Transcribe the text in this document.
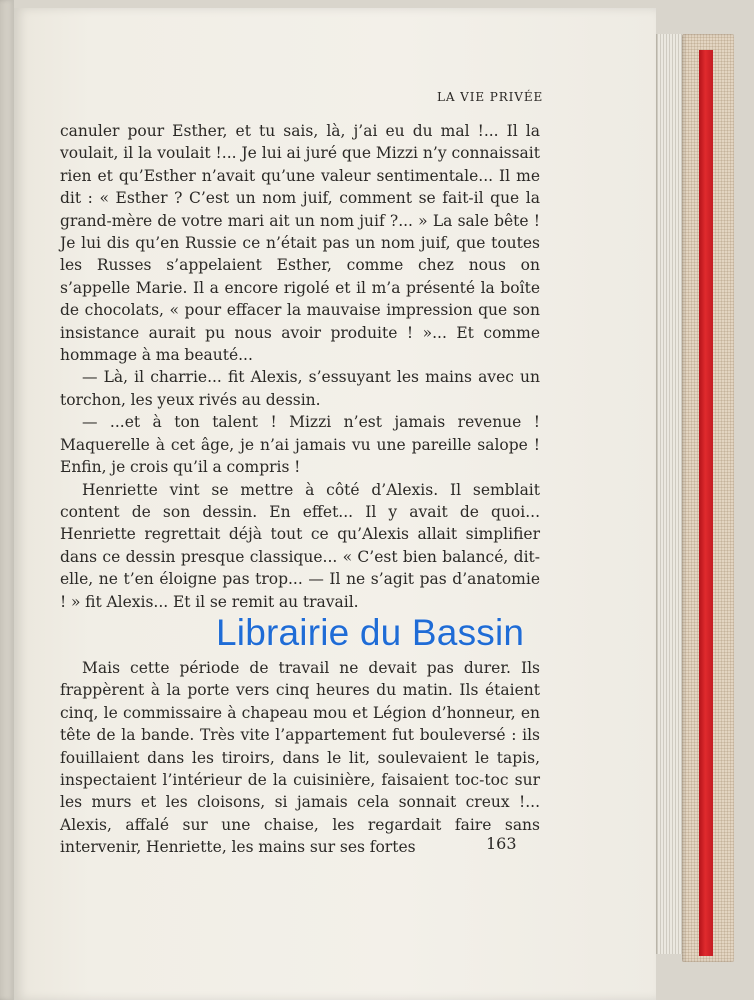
LA VIE PRIVÉE

canuler pour Esther, et tu sais, là, j’ai eu du mal !... Il la voulait, il la voulait !... Je lui ai juré que Mizzi n’y connaissait rien et qu’Esther n’avait qu’une valeur sentimentale... Il me dit : « Esther ? C’est un nom juif, comment se fait-il que la grand-mère de votre mari ait un nom juif ?... » La sale bête ! Je lui dis qu’en Russie ce n’était pas un nom juif, que toutes les Russes s’appelaient Esther, comme chez nous on s’appelle Marie. Il a encore rigolé et il m’a présenté la boîte de chocolats, « pour effacer la mauvaise impression que son insistance aurait pu nous avoir produite ! »... Et comme hommage à ma beauté...

— Là, il charrie... fit Alexis, s’essuyant les mains avec un torchon, les yeux rivés au dessin.

— ...et à ton talent ! Mizzi n’est jamais revenue ! Maquerelle à cet âge, je n’ai jamais vu une pareille salope ! Enfin, je crois qu’il a compris !

Henriette vint se mettre à côté d’Alexis. Il semblait content de son dessin. En effet... Il y avait de quoi... Henriette regrettait déjà tout ce qu’Alexis allait simplifier dans ce dessin presque classique... « C’est bien balancé, dit-elle, ne t’en éloigne pas trop... — Il ne s’agit pas d’anatomie ! » fit Alexis... Et il se remit au travail.

Mais cette période de travail ne devait pas durer. Ils frappèrent à la porte vers cinq heures du matin. Ils étaient cinq, le commissaire à chapeau mou et Légion d’honneur, en tête de la bande. Très vite l’appartement fut bouleversé : ils fouillaient dans les tiroirs, dans le lit, soulevaient le tapis, inspectaient l’intérieur de la cuisinière, faisaient toc-toc sur les murs et les cloisons, si jamais cela sonnait creux !... Alexis, affalé sur une chaise, les regardait faire sans intervenir, Henriette, les mains sur ses fortes

Librairie du Bassin
163
